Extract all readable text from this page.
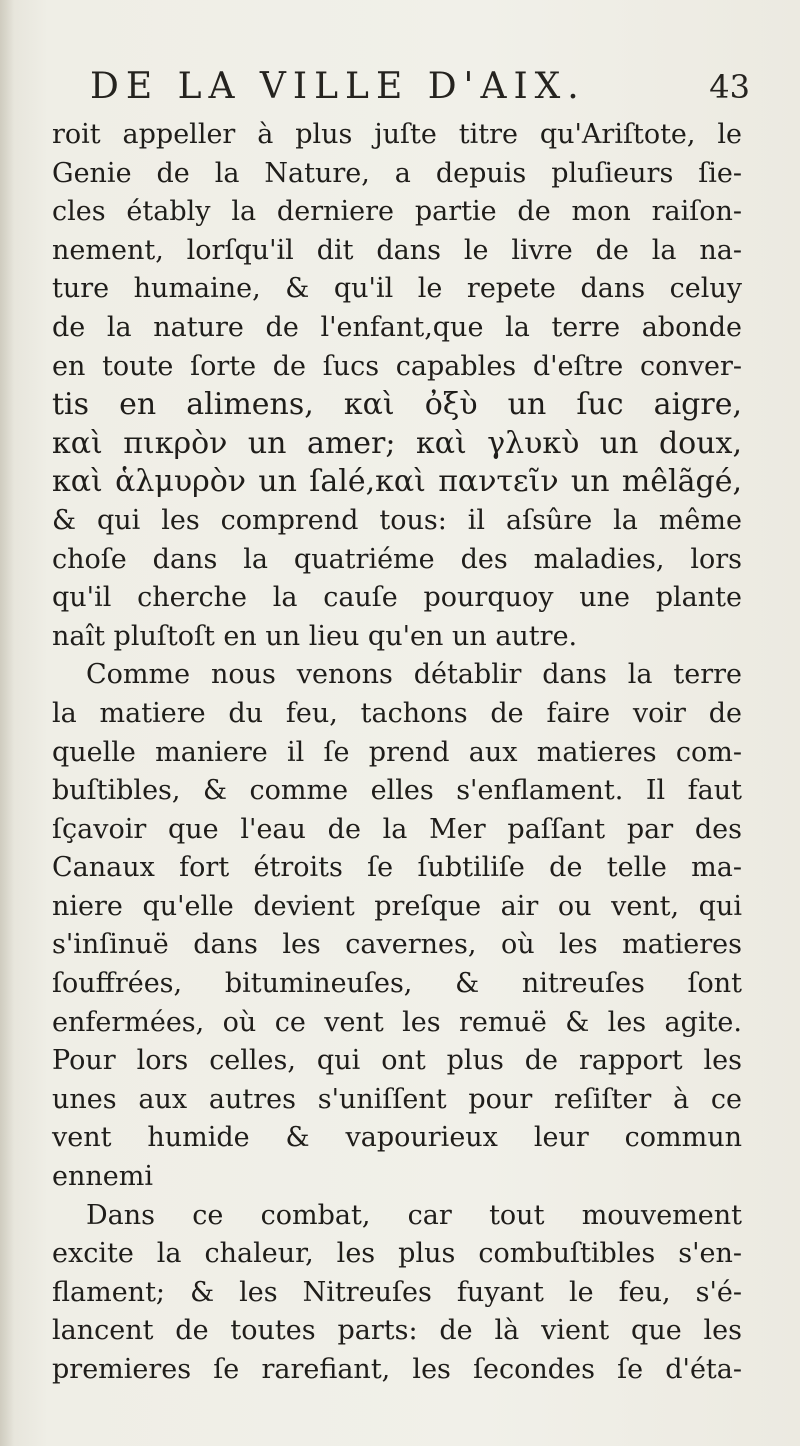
DE LA VILLE D'AIX.	43
roit appeller à plus juſte titre qu'Ariſtote, le
Genie de la Nature, a depuis pluſieurs ſie-
cles étably la derniere partie de mon raiſon-
nement, lorſqu'il dit dans le livre de la na-
ture humaine, & qu'il le repete dans celuy
de la nature de l'enfant,que la terre abonde
en toute ſorte de ſucs capables d'eſtre conver-
tis en alimens, καὶ ὀξὺ un ſuc aigre,
καὶ πικρὸν un amer; καὶ γλυκὺ un doux,
καὶ ἁλμυρὸν un ſalé,καὶ παντεῖν un mêlãgé,
& qui les comprend tous: il aſsûre la même
choſe dans la quatriéme des maladies, lors
qu'il cherche la cauſe pourquoy une plante
naît pluſtoſt en un lieu qu'en un autre.
Comme nous venons détablir dans la terre
la matiere du feu, tachons de faire voir de
quelle maniere il ſe prend aux matieres com-
buſtibles, & comme elles s'enflament. Il faut
ſçavoir que l'eau de la Mer paſſant par des
Canaux fort étroits ſe ſubtiliſe de telle ma-
niere qu'elle devient preſque air ou vent, qui
s'inſinuë dans les cavernes, où les matieres
ſouffrées, bitumineuſes, & nitreuſes ſont
enfermées, où ce vent les remuë & les agite.
Pour lors celles, qui ont plus de rapport les
unes aux autres s'uniſſent pour reſiſter à ce
vent humide & vapourieux leur commun
ennemi
Dans ce combat, car tout mouvement
excite la chaleur, les plus combuſtibles s'en-
flament; & les Nitreuſes fuyant le feu, s'é-
lancent de toutes parts: de là vient que les
premieres ſe rarefiant, les ſecondes ſe d'éta-
